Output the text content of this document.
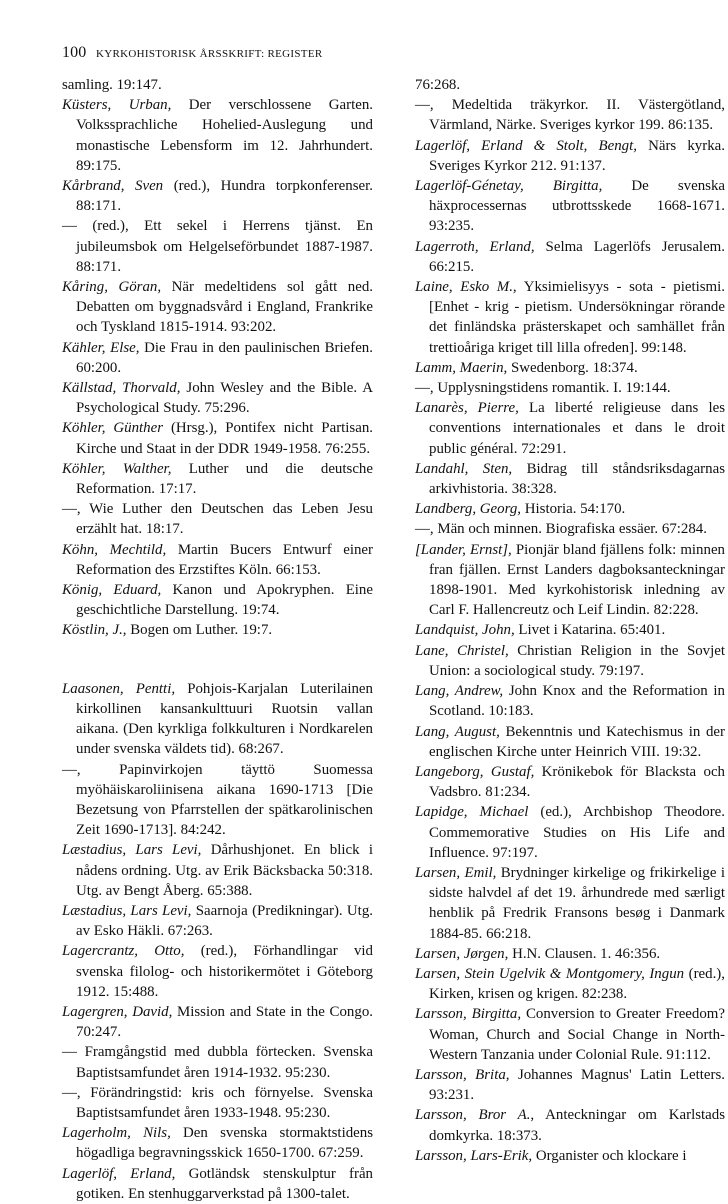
100 KYRKOHISTORISK ÅRSSKRIFT: REGISTER

samling. 19:147.

Küsters, Urban, Der verschlossene Garten. Volkssprachliche Hohelied-Auslegung und monastische Lebensform im 12. Jahrhundert. 89:175.

Kårbrand, Sven (red.), Hundra torpkonferenser. 88:171.

— (red.), Ett sekel i Herrens tjänst. En jubileumsbok om Helgelseförbundet 1887-1987. 88:171.

Kåring, Göran, När medeltidens sol gått ned. Debatten om byggnadsvård i England, Frankrike och Tyskland 1815-1914. 93:202.

Kähler, Else, Die Frau in den paulinischen Briefen. 60:200.

Källstad, Thorvald, John Wesley and the Bible. A Psychological Study. 75:296.

Köhler, Günther (Hrsg.), Pontifex nicht Partisan. Kirche und Staat in der DDR 1949-1958. 76:255.

Köhler, Walther, Luther und die deutsche Reformation. 17:17.

—, Wie Luther den Deutschen das Leben Jesu erzählt hat. 18:17.

Köhn, Mechtild, Martin Bucers Entwurf einer Reformation des Erzstiftes Köln. 66:153.

König, Eduard, Kanon und Apokryphen. Eine geschichtliche Darstellung. 19:74.

Köstlin, J., Bogen om Luther. 19:7.

Laasonen, Pentti, Pohjois-Karjalan Luterilainen kirkollinen kansankulttuuri Ruotsin vallan aikana. (Den kyrkliga folkkulturen i Nordkarelen under svenska väldets tid). 68:267.

—, Papinvirkojen täyttö Suomessa myöhäiskaroliinisena aikana 1690-1713 [Die Bezetsung von Pfarrstellen der spätkarolinischen Zeit 1690-1713]. 84:242.

Læstadius, Lars Levi, Dårhushjonet. En blick i nådens ordning. Utg. av Erik Bäcksbacka 50:318. Utg. av Bengt Åberg. 65:388.

Læstadius, Lars Levi, Saarnoja (Predikningar). Utg. av Esko Häkli. 67:263.

Lagercrantz, Otto, (red.), Förhandlingar vid svenska filolog- och historikermötet i Göteborg 1912. 15:488.

Lagergren, David, Mission and State in the Congo. 70:247.

— Framgångstid med dubbla förtecken. Svenska Baptistsamfundet åren 1914-1932. 95:230.

—, Förändringstid: kris och förnyelse. Svenska Baptistsamfundet åren 1933-1948. 95:230.

Lagerholm, Nils, Den svenska stormaktstidens högadliga begravningsskick 1650-1700. 67:259.

Lagerlöf, Erland, Gotländsk stenskulptur från gotiken. En stenhuggarverkstad på 1300-talet.

76:268.

—, Medeltida träkyrkor. II. Västergötland, Värmland, Närke. Sveriges kyrkor 199. 86:135.

Lagerlöf, Erland & Stolt, Bengt, Närs kyrka. Sveriges Kyrkor 212. 91:137.

Lagerlöf-Génetay, Birgitta, De svenska häxprocessernas utbrottsskede 1668-1671. 93:235.

Lagerroth, Erland, Selma Lagerlöfs Jerusalem. 66:215.

Laine, Esko M., Yksimielisyys - sota - pietismi. [Enhet - krig - pietism. Undersökningar rörande det finländska prästerskapet och samhället från trettioåriga kriget till lilla ofreden]. 99:148.

Lamm, Maerin, Swedenborg. 18:374.

—, Upplysningstidens romantik. I. 19:144.

Lanarès, Pierre, La liberté religieuse dans les conventions internationales et dans le droit public général. 72:291.

Landahl, Sten, Bidrag till ståndsriksdagarnas arkivhistoria. 38:328.

Landberg, Georg, Historia. 54:170.

—, Män och minnen. Biografiska essäer. 67:284.

[Lander, Ernst], Pionjär bland fjällens folk: minnen fran fjällen. Ernst Landers dagboksanteckningar 1898-1901. Med kyrkohistorisk inledning av Carl F. Hallencreutz och Leif Lindin. 82:228.

Landquist, John, Livet i Katarina. 65:401.

Lane, Christel, Christian Religion in the Sovjet Union: a sociological study. 79:197.

Lang, Andrew, John Knox and the Reformation in Scotland. 10:183.

Lang, August, Bekenntnis und Katechismus in der englischen Kirche unter Heinrich VIII. 19:32.

Langeborg, Gustaf, Krönikebok för Blacksta och Vadsbro. 81:234.

Lapidge, Michael (ed.), Archbishop Theodore. Commemorative Studies on His Life and Influence. 97:197.

Larsen, Emil, Brydninger kirkelige og frikirkelige i sidste halvdel af det 19. århundrede med særligt henblik på Fredrik Fransons besøg i Danmark 1884-85. 66:218.

Larsen, Jørgen, H.N. Clausen. 1. 46:356.

Larsen, Stein Ugelvik & Montgomery, Ingun (red.), Kirken, krisen og krigen. 82:238.

Larsson, Birgitta, Conversion to Greater Freedom? Woman, Church and Social Change in North-Western Tanzania under Colonial Rule. 91:112.

Larsson, Brita, Johannes Magnus' Latin Letters. 93:231.

Larsson, Bror A., Anteckningar om Karlstads domkyrka. 18:373.

Larsson, Lars-Erik, Organister och klockare i
